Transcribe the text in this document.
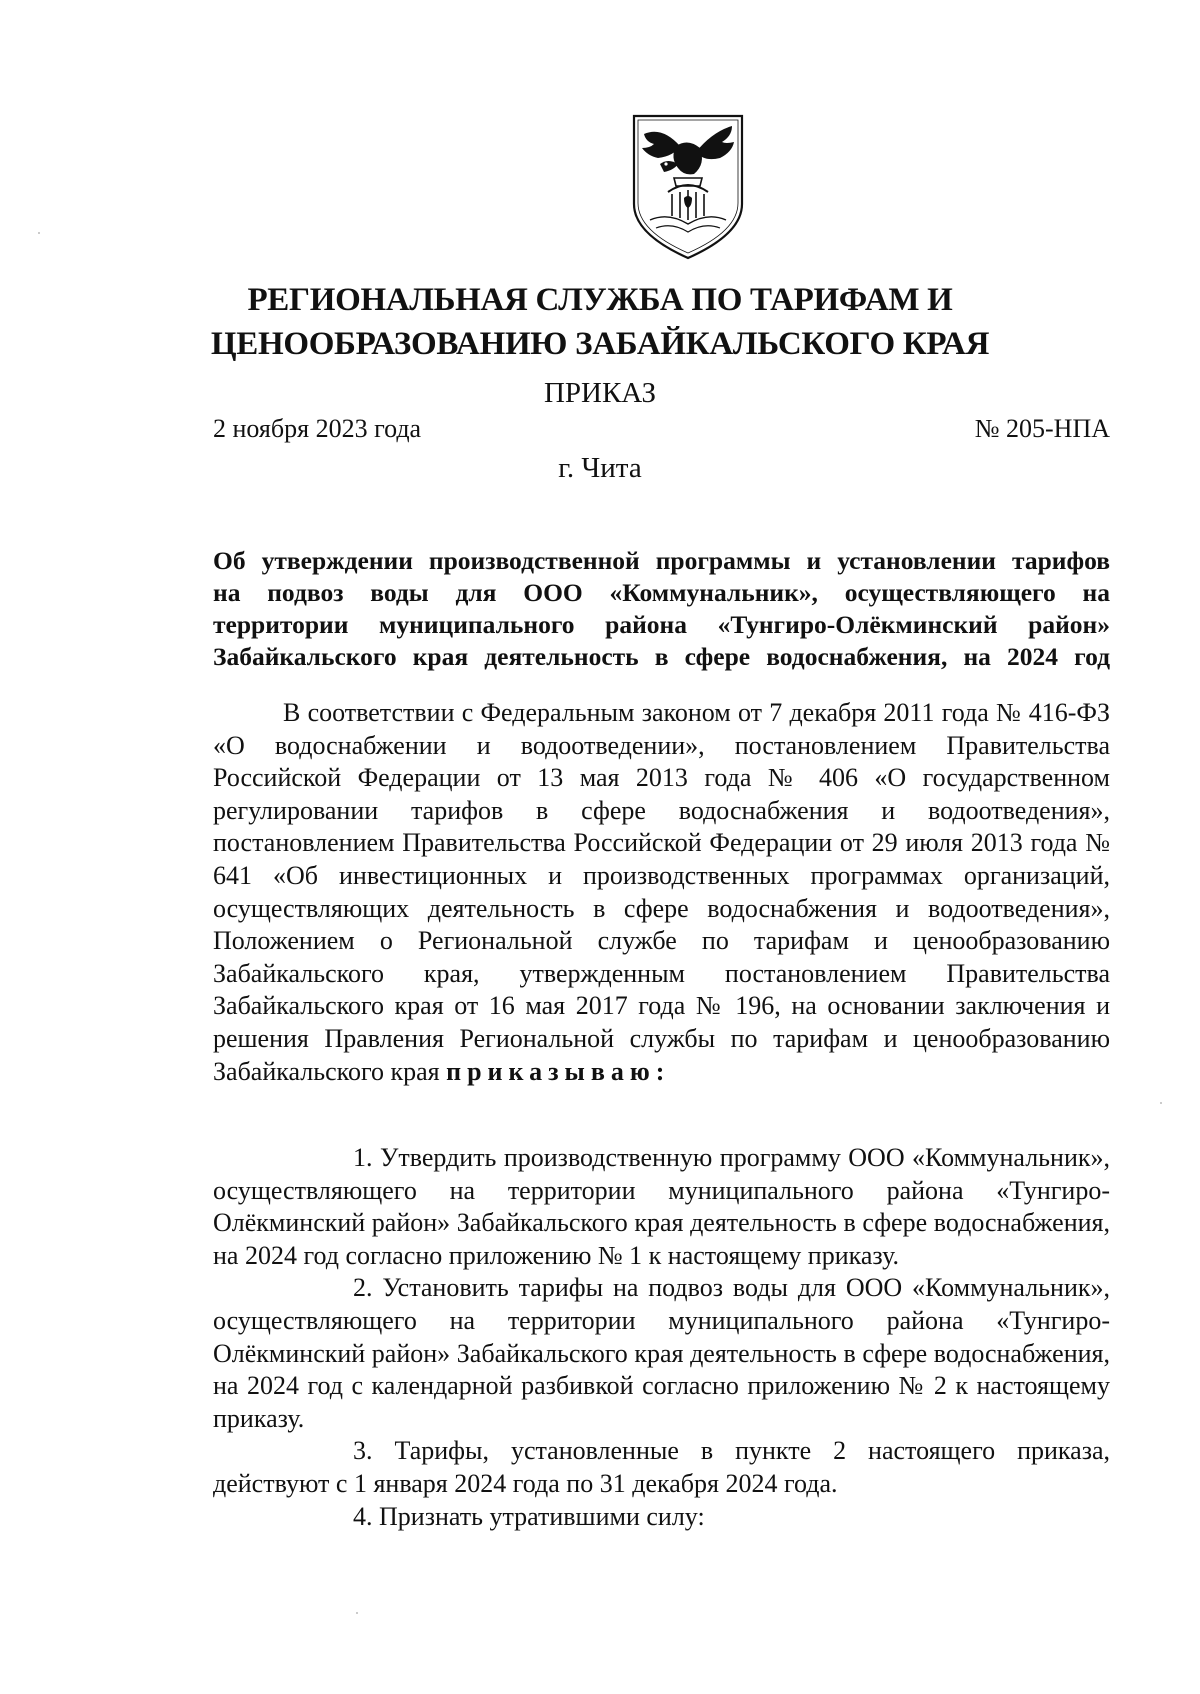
РЕГИОНАЛЬНАЯ СЛУЖБА ПО ТАРИФАМ И
ЦЕНООБРАЗОВАНИЮ ЗАБАЙКАЛЬСКОГО КРАЯ
ПРИКАЗ
2 ноября 2023 года	№ 205-НПА
г. Чита
Об утверждении производственной программы и установлении тарифов
на подвоз воды для ООО «Коммунальник», осуществляющего на
территории муниципального района «Тунгиро-Олёкминский район»
Забайкальского края деятельность в сфере водоснабжения, на 2024 год

В соответствии с Федеральным законом от 7 декабря 2011 года № 416-ФЗ «О водоснабжении и водоотведении», постановлением Правительства Российской Федерации от 13 мая 2013 года № 406 «О государственном регулировании тарифов в сфере водоснабжения и водоотведения», постановлением Правительства Российской Федерации от 29 июля 2013 года № 641 «Об инвестиционных и производственных программах организаций, осуществляющих деятельность в сфере водоснабжения и водоотведения», Положением о Региональной службе по тарифам и ценообразованию Забайкальского края, утвержденным постановлением Правительства Забайкальского края от 16 мая 2017 года № 196, на основании заключения и решения Правления Региональной службы по тарифам и ценообразованию Забайкальского края приказываю:

1. Утвердить производственную программу ООО «Коммунальник», осуществляющего на территории муниципального района «Тунгиро-Олёкминский район» Забайкальского края деятельность в сфере водоснабжения, на 2024 год согласно приложению № 1 к настоящему приказу.

2. Установить тарифы на подвоз воды для ООО «Коммунальник», осуществляющего на территории муниципального района «Тунгиро-Олёкминский район» Забайкальского края деятельность в сфере водоснабжения, на 2024 год с календарной разбивкой согласно приложению № 2 к настоящему приказу.

3. Тарифы, установленные в пункте 2 настоящего приказа, действуют с 1 января 2024 года по 31 декабря 2024 года.

4. Признать утратившими силу:
